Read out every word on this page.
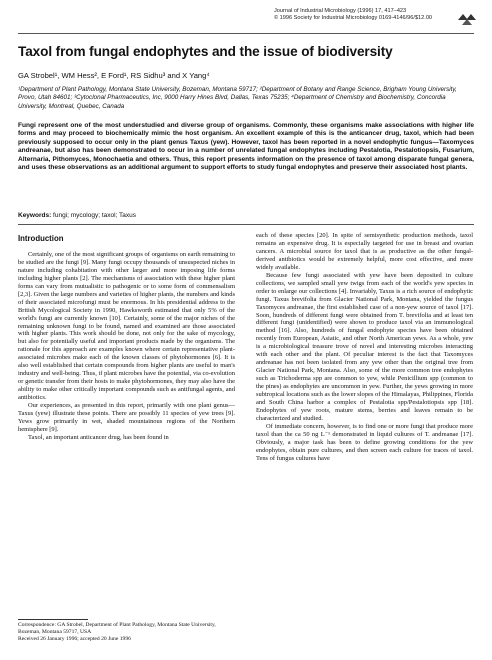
Journal of Industrial Microbiology (1996) 17, 417–423
© 1996 Society for Industrial Microbiology 0169-4146/96/$12.00
Taxol from fungal endophytes and the issue of biodiversity
GA Strobel¹, WM Hess², E Ford¹, RS Sidhu³ and X Yang⁴
¹Department of Plant Pathology, Montana State University, Bozeman, Montana 59717; ²Department of Botany and Range Science, Brigham Young University, Provo, Utah 84601; ³Cytoclonal Pharmaceutics, Inc, 9000 Harry Hines Blvd, Dallas, Texas 75235; ⁴Department of Chemistry and Biochemistry, Concordia University, Montreal, Quebec, Canada
Fungi represent one of the most understudied and diverse group of organisms. Commonly, these organisms make associations with higher life forms and may proceed to biochemically mimic the host organism. An excellent example of this is the anticancer drug, taxol, which had been previously supposed to occur only in the plant genus Taxus (yew). However, taxol has been reported in a novel endophytic fungus—Taxomyces andreanae, but also has been demonstrated to occur in a number of unrelated fungal endophytes including Pestalotia, Pestalotiopsis, Fusarium, Alternaria, Pithomyces, Monochaetia and others. Thus, this report presents information on the presence of taxol among disparate fungal genera, and uses these observations as an additional argument to support efforts to study fungal endophytes and preserve their associated host plants.
Keywords: fungi; mycology; taxol; Taxus

Introduction

Certainly, one of the most significant groups of organisms on earth remaining to be studied are the fungi [9]. Many fungi occupy thousands of unsuspected niches in nature including cohabitation with other larger and more imposing life forms including higher plants [2]. The mechanisms of association with these higher plant forms can vary from mutualistic to pathogenic or to some form of commensalism [2,3]. Given the large numbers and varieties of higher plants, the numbers and kinds of their associated microfungi must be enormous. In his presidential address to the British Mycological Society in 1990, Hawksworth estimated that only 5% of the world's fungi are currently known [10]. Certainly, some of the major niches of the remaining unknown fungi to be found, named and examined are those associated with higher plants. This work should be done, not only for the sake of mycology, but also for potentially useful and important products made by the organisms. The rationale for this approach are examples known where certain representative plant-associated microbes make each of the known classes of phytohormones [6]. It is also well established that certain compounds from higher plants are useful to man's industry and well-being. Thus, if plant microbes have the potential, via co-evolution or genetic transfer from their hosts to make phytohormones, they may also have the ability to make other critically important compounds such as antifungal agents, and antibiotics.

Our experiences, as presented in this report, primarily with one plant genus—Taxus (yew) illustrate these points. There are possibly 11 species of yew trees [9]. Yews grow primarily in wet, shaded mountainous regions of the Northern hemisphere [9].

Taxol, an important anticancer drug, has been found in

each of these species [20]. In spite of semisynthetic production methods, taxol remains an expensive drug. It is especially targeted for use in breast and ovarian cancers. A microbial source for taxol that is as productive as the other fungal-derived antibiotics would be extremely helpful, more cost effective, and more widely available.

Because few fungi associated with yew have been deposited in culture collections, we sampled small yew twigs from each of the world's yew species in order to enlarge our collections [4]. Invariably, Taxus is a rich source of endophytic fungi. Taxus brevifolia from Glacier National Park, Montana, yielded the fungus Taxomyces andreanae, the first established case of a non-yew source of taxol [17]. Soon, hundreds of different fungi were obtained from T. brevifolia and at least ten different fungi (unidentified) were shown to produce taxol via an immunological method [16]. Also, hundreds of fungal endophyte species have been obtained recently from European, Asiatic, and other North American yews. As a whole, yew is a microbiological treasure trove of novel and interesting microbes interacting with each other and the plant. Of peculiar interest is the fact that Taxomyces andreanae has not been isolated from any yew other than the original tree from Glacier National Park, Montana. Also, some of the more common tree endophytes such as Trichoderma spp are common to yew, while Penicillium spp (common to the pines) as endophytes are uncommon in yew. Further, the yews growing in more subtropical locations such as the lower slopes of the Himalayas, Philippines, Florida and South China harbor a complex of Pestalotia spp/Pestalotiopsis spp [18]. Endophytes of yew roots, mature stems, berries and leaves remain to be characterized and studied.

Of immediate concern, however, is to find one or more fungi that produce more taxol than the ca 50 ng L⁻¹ demonstrated in liquid cultures of T. andreanae [17]. Obviously, a major task has been to define growing conditions for the yew endophytes, obtain pure cultures, and then screen each culture for traces of taxol. Tens of fungus cultures have

Correspondence: GA Strobel, Department of Plant Pathology, Montana State University, Bozeman, Montana 59717, USA
Received 26 January 1996; accepted 20 June 1996
